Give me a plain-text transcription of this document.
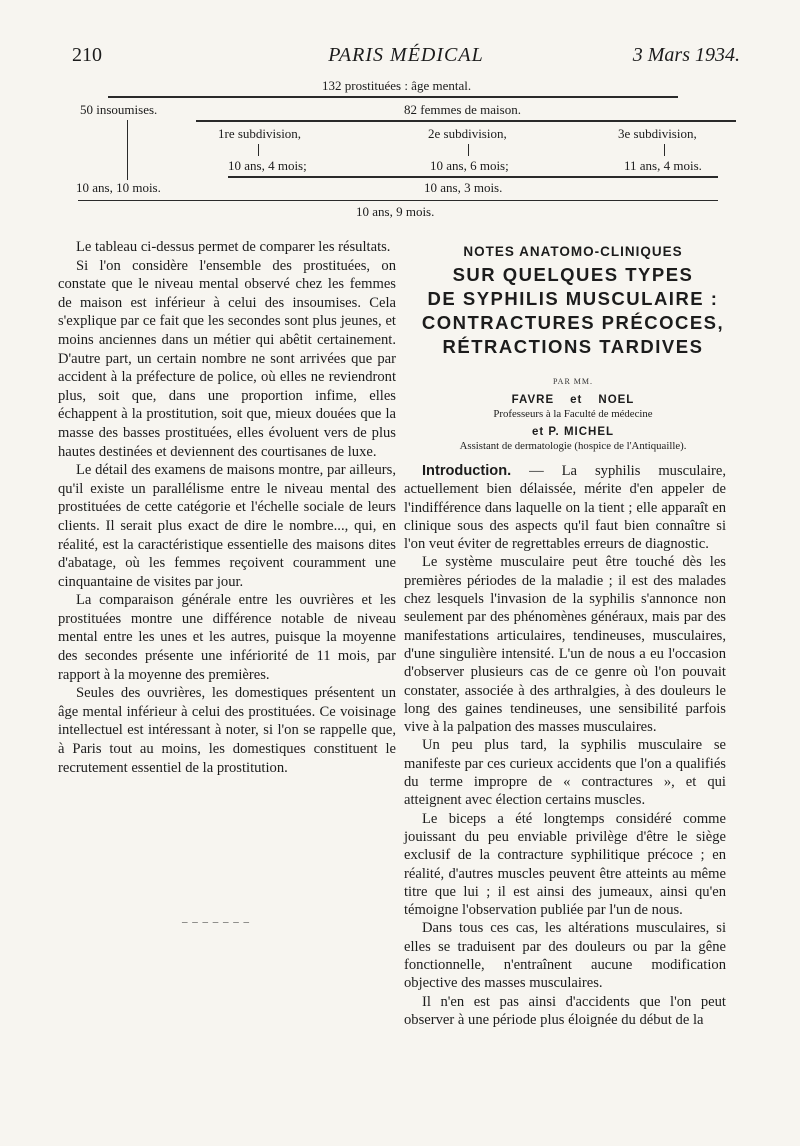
210	PARIS MÉDICAL	3 Mars 1934.
132 prostituées : âge mental.
50 insoumises.	82 femmes de maison.
1re subdivision,	2e subdivision,	3e subdivision,
10 ans, 4 mois;	10 ans, 6 mois;	11 ans, 4 mois.
10 ans, 10 mois.	10 ans, 3 mois.
10 ans, 9 mois.

Le tableau ci-dessus permet de comparer les résultats.

Si l'on considère l'ensemble des prostituées, on constate que le niveau mental observé chez les femmes de maison est inférieur à celui des insoumises. Cela s'explique par ce fait que les secondes sont plus jeunes, et moins anciennes dans un métier qui abêtit certainement. D'autre part, un certain nombre ne sont arrivées que par accident à la préfecture de police, où elles ne reviendront plus, soit que, dans une proportion infime, elles échappent à la prostitution, soit que, mieux douées que la masse des basses prostituées, elles évoluent vers de plus hautes destinées et deviennent des courtisanes de luxe.

Le détail des examens de maisons montre, par ailleurs, qu'il existe un parallélisme entre le niveau mental des prostituées de cette catégorie et l'échelle sociale de leurs clients. Il serait plus exact de dire le nombre..., qui, en réalité, est la caractéristique essentielle des maisons dites d'abatage, où les femmes reçoivent couramment une cinquantaine de visites par jour.

La comparaison générale entre les ouvrières et les prostituées montre une différence notable de niveau mental entre les unes et les autres, puisque la moyenne des secondes présente une infériorité de 11 mois, par rapport à la moyenne des premières.

Seules des ouvrières, les domestiques présentent un âge mental inférieur à celui des prostituées. Ce voisinage intellectuel est intéressant à noter, si l'on se rappelle que, à Paris tout au moins, les domestiques constituent le recrutement essentiel de la prostitution.

_ _ _ _ _ _ _
NOTES ANATOMO-CLINIQUES
SUR QUELQUES TYPES
DE SYPHILIS MUSCULAIRE :
CONTRACTURES PRÉCOCES,
RÉTRACTIONS TARDIVES
PAR MM.
FAVRE et NOEL
Professeurs à la Faculté de médecine
et P. MICHEL
Assistant de dermatologie (hospice de l'Antiquaille).

Introduction. — La syphilis musculaire, actuellement bien délaissée, mérite d'en appeler de l'indifférence dans laquelle on la tient ; elle apparaît en clinique sous des aspects qu'il faut bien connaître si l'on veut éviter de regrettables erreurs de diagnostic.

Le système musculaire peut être touché dès les premières périodes de la maladie ; il est des malades chez lesquels l'invasion de la syphilis s'annonce non seulement par des phénomènes généraux, mais par des manifestations articulaires, tendineuses, musculaires, d'une singulière intensité. L'un de nous a eu l'occasion d'observer plusieurs cas de ce genre où l'on pouvait constater, associée à des arthralgies, à des douleurs le long des gaines tendineuses, une sensibilité parfois vive à la palpation des masses musculaires.

Un peu plus tard, la syphilis musculaire se manifeste par ces curieux accidents que l'on a qualifiés du terme impropre de « contractures », et qui atteignent avec élection certains muscles.

Le biceps a été longtemps considéré comme jouissant du peu enviable privilège d'être le siège exclusif de la contracture syphilitique précoce ; en réalité, d'autres muscles peuvent être atteints au même titre que lui ; il est ainsi des jumeaux, ainsi qu'en témoigne l'observation publiée par l'un de nous.

Dans tous ces cas, les altérations musculaires, si elles se traduisent par des douleurs ou par la gêne fonctionnelle, n'entraînent aucune modification objective des masses musculaires.

Il n'en est pas ainsi d'accidents que l'on peut observer à une période plus éloignée du début de la
